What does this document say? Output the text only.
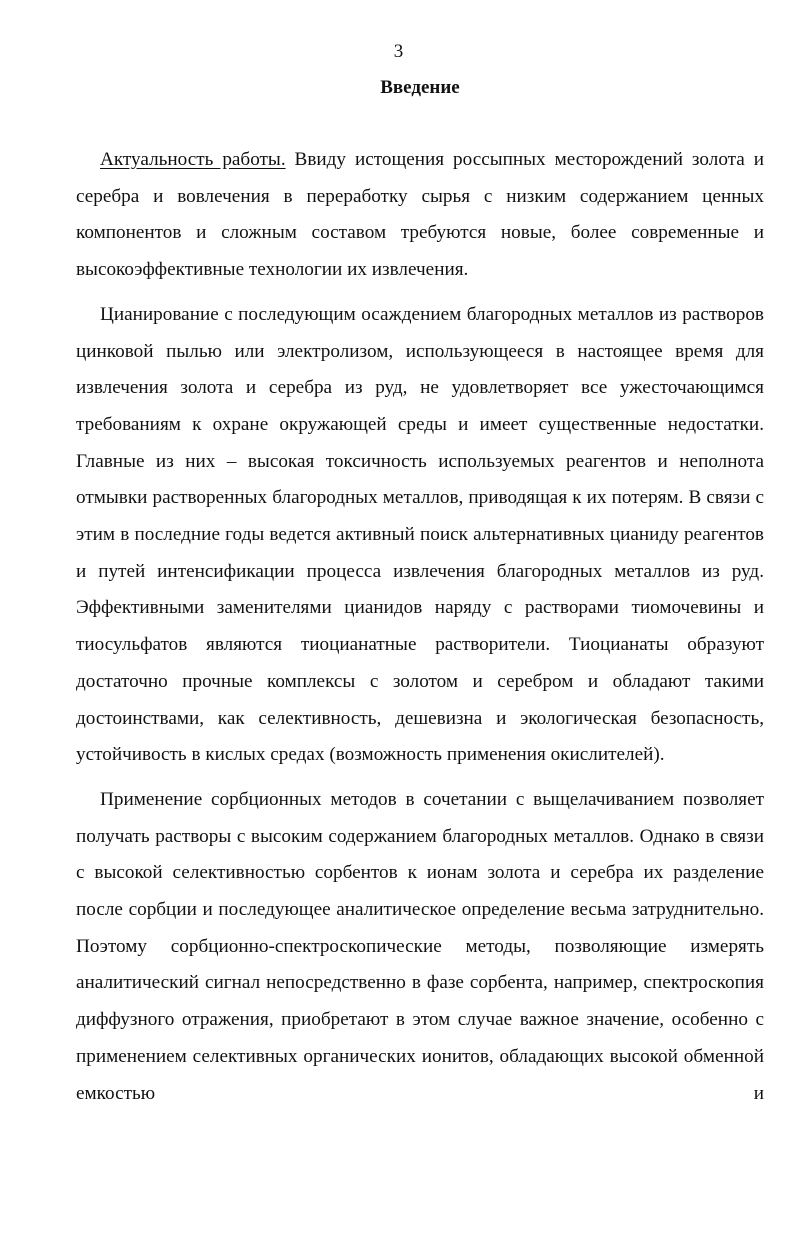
3
Введение

Актуальность работы. Ввиду истощения россыпных месторождений золота и серебра и вовлечения в переработку сырья с низким содержанием ценных компонентов и сложным составом требуются новые, более современные и высокоэффективные технологии их извлечения.

Цианирование с последующим осаждением благородных металлов из растворов цинковой пылью или электролизом, использующееся в настоящее время для извлечения золота и серебра из руд, не удовлетворяет все ужесточающимся требованиям к охране окружающей среды и имеет существенные недостатки. Главные из них – высокая токсичность используемых реагентов и неполнота отмывки растворенных благородных металлов, приводящая к их потерям. В связи с этим в последние годы ведется активный поиск альтернативных цианиду реагентов и путей интенсификации процесса извлечения благородных металлов из руд. Эффективными заменителями цианидов наряду с растворами тиомочевины и тиосульфатов являются тиоцианатные растворители. Тиоцианаты образуют достаточно прочные комплексы с золотом и серебром и обладают такими достоинствами, как селективность, дешевизна и экологическая безопасность, устойчивость в кислых средах (возможность применения окислителей).

Применение сорбционных методов в сочетании с выщелачиванием позволяет получать растворы с высоким содержанием благородных металлов. Однако в связи с высокой селективностью сорбентов к ионам золота и серебра их разделение после сорбции и последующее аналитическое определение весьма затруднительно. Поэтому сорбционно-спектроскопические методы, позволяющие измерять аналитический сигнал непосредственно в фазе сорбента, например, спектроскопия диффузного отражения, приобретают в этом случае важное значение, особенно с применением селективных органических ионитов, обладающих высокой обменной емкостью и
